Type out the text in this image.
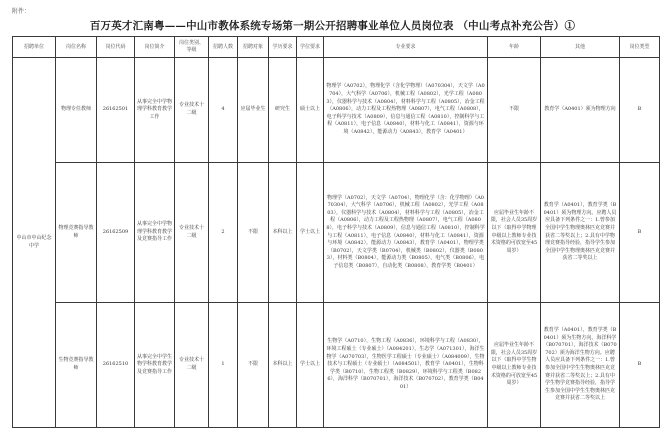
附件：
百万英才汇南粤——中山市教体系统专场第一期公开招聘事业单位人员岗位表 （中山考点补充公告）①
招聘单位	岗位名称	岗位代码	岗位简介	岗位类别、等级	招聘人数	招聘对象	学历要求	学位要求	专业要求	年龄	其他	岗位类型
中山市中山纪念中学	物理专任教师	26162501	从事完全中学物理学科教育教学工作	专业技术十二级	4	应届毕业生	研究生	硕士以上	物理学（A0702），物理化学（含化学物理）（A070304），天文学（A0704），大气科学（A0706），机械工程（A0802），光学工程（A0803），仪器科学与技术（A0804），材料科学与工程（A0805），冶金工程（A0806），动力工程及工程热物理（A0807），电气工程（A0808），电子科学与技术（A0809），信息与通信工程（A0810），控制科学与工程（A0811），电子信息（A0840），材料与化工（A0841），资源与环境（A0842），能源动力（A0843），教育学（A0401）	不限	教育学（A0401）须为物理方向	B
	物理竞赛指导教师	26162509	从事完全中学物理学科教育教学及竞赛指导工作	专业技术十二级	2	不限	本科以上	学士以上	物理学（A0702），天文学（A0704），物理化学（含：化学物理）（A070304），大气科学（A0706），机械工程（A0802），光学工程（A0803），仪器科学与技术（A0804），材料科学与工程（A0805），冶金工程（A0806），动力工程及工程热物理（A0807），电气工程（A0808），电子科学与技术（A0809），信息与通信工程（A0810），控制科学与工程（A0811），电子信息（A0840），材料与化工（A0841），资源与环境（A0842），能源动力（A0843），教育学（A0401），物理学类（B0702），天文学类（B0704），机械类（B0802），仪器类（B0803），材料类（B0804），能源动力类（B0805），电气类（B0806），电子信息类（B0807），自动化类（B0808），教育学类（B0401）	应届毕业生年龄不限，社会人员35周岁以下（取得中学物理中级以上教师专业技术资格的可放宽至45周岁）	教育学（A0401），教育学类（B0401）须为物理方向。应聘人员应具备下列条件之一：1.曾参加全国中学生物理奥林匹克竞赛并获省二等奖以上；2.具有中学物理竞赛指导经验，指导学生参加全国中学生物理奥林匹克竞赛并获省二等奖以上	B
	生物竞赛指导教师	26162510	从事完全中学生物学科教育教学及竞赛指导工作	专业技术十二级	1	不限	本科以上	学士以上	生物学（A0710），生物工程（A0836），环境科学与工程（A0830），环境工程硕士（专业硕士）（A084201），生态学（A071301），海洋生物学（A070703），生物医学工程硕士（专业硕士）（A084009），生物技术与工程硕士（专业硕士）（A084501），教育学（A0401），生物科学类（B0710），生物工程类（B0829），环境科学与工程类（B0826），海洋科学（B070701），海洋技术（B070702），教育学类（B0401）	应届毕业生年龄不限，社会人员35周岁以下（取得中学生物中级以上教师专业技术资格的可放宽至45周岁）	教育学（A0401），教育学类（B0401）须为生物方向，海洋科学（B070701），海洋技术（B070702）须为海洋生物方向。应聘人员应具备下列条件之一：1.曾参加全国中学生生物奥林匹克竞赛并获省二等奖以上；2.具有中学生物学竞赛指导经验，指导学生参加全国中学生生物奥林匹克竞赛并获省二等奖以上	B
